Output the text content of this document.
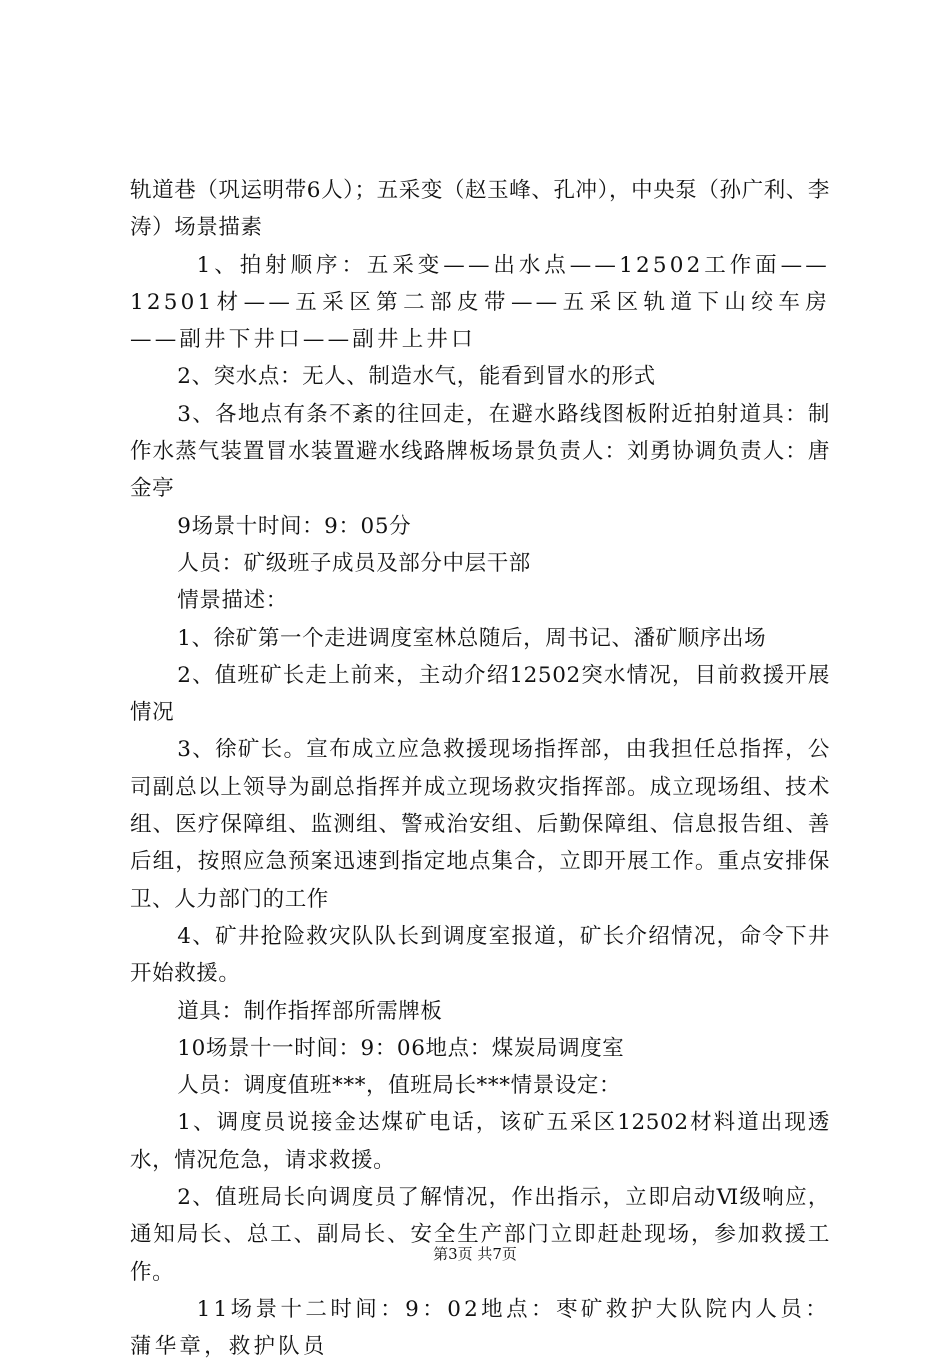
轨道巷（巩运明带6人）；五采变（赵玉峰、孔冲），中央泵（孙广利、李涛）场景描素

1、拍射顺序：五采变——出水点——12502工作面——12501材——五采区第二部皮带——五采区轨道下山绞车房——副井下井口——副井上井口

2、突水点：无人、制造水气，能看到冒水的形式

3、各地点有条不紊的往回走，在避水路线图板附近拍射道具：制作水蒸气装置冒水装置避水线路牌板场景负责人：刘勇协调负责人：唐金亭

9场景十时间：9：05分

人员：矿级班子成员及部分中层干部

情景描述：

1、徐矿第一个走进调度室林总随后，周书记、潘矿顺序出场

2、值班矿长走上前来，主动介绍12502突水情况，目前救援开展情况

3、徐矿长。宣布成立应急救援现场指挥部，由我担任总指挥，公司副总以上领导为副总指挥并成立现场救灾指挥部。成立现场组、技术组、医疗保障组、监测组、警戒治安组、后勤保障组、信息报告组、善后组，按照应急预案迅速到指定地点集合，立即开展工作。重点安排保卫、人力部门的工作

4、矿井抢险救灾队队长到调度室报道，矿长介绍情况，命令下井开始救援。

道具：制作指挥部所需牌板

10场景十一时间：9：06地点：煤炭局调度室

人员：调度值班***，值班局长***情景设定：

1、调度员说接金达煤矿电话，该矿五采区12502材料道出现透水，情况危急，请求救援。

2、值班局长向调度员了解情况，作出指示，立即启动Ⅵ级响应，通知局长、总工、副局长、安全生产部门立即赶赴现场，参加救援工作。

11场景十二时间：9：02地点：枣矿救护大队院内人员：蒲华章，救护队员

第3页 共7页
